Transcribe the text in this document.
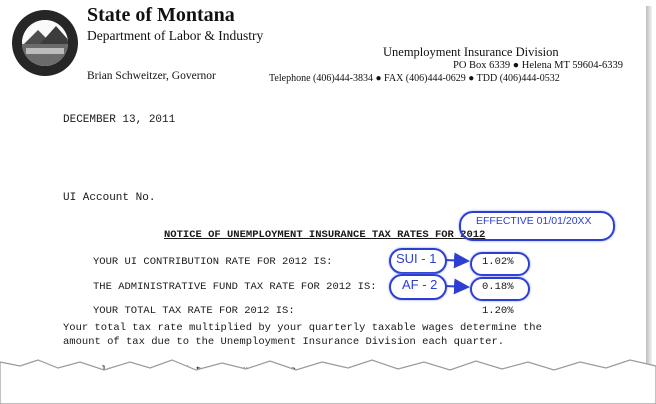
State of Montana
Department of Labor & Industry
Unemployment Insurance Division
PO Box 6339 ● Helena MT 59604-6339
Brian Schweitzer, Governor	Telephone (406)444-3834 ● FAX (406)444-0629 ● TDD (406)444-0532
DECEMBER 13, 2011
UI Account No.
NOTICE OF UNEMPLOYMENT INSURANCE TAX RATES FOR 2012
YOUR UI CONTRIBUTION RATE FOR 2012 IS:	1.02%
THE ADMINISTRATIVE FUND TAX RATE FOR 2012 IS:	0.18%
YOUR TOTAL TAX RATE FOR 2012 IS:	1.20%
Your total tax rate multiplied by your quarterly taxable wages determine the
amount of tax due to the Unemployment Insurance Division each quarter.
EFFECTIVE 01/01/20XX
SUI - 1
AF - 2
